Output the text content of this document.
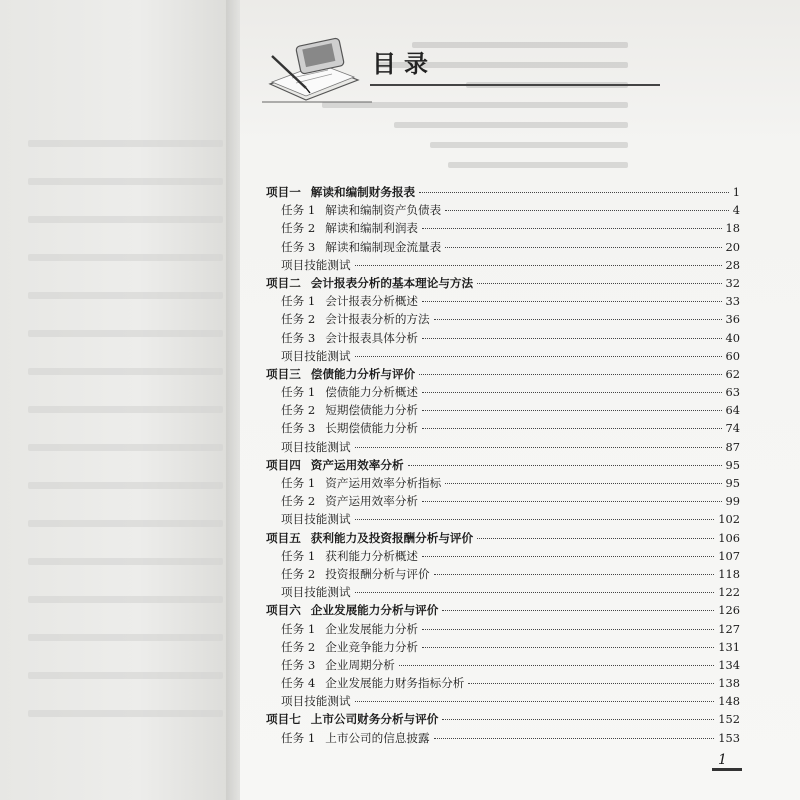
目录
项目一 解读和编制财务报表	1
任务 1 解读和编制资产负债表	4
任务 2 解读和编制利润表	18
任务 3 解读和编制现金流量表	20
项目技能测试	28
项目二 会计报表分析的基本理论与方法	32
任务 1 会计报表分析概述	33
任务 2 会计报表分析的方法	36
任务 3 会计报表具体分析	40
项目技能测试	60
项目三 偿债能力分析与评价	62
任务 1 偿债能力分析概述	63
任务 2 短期偿债能力分析	64
任务 3 长期偿债能力分析	74
项目技能测试	87
项目四 资产运用效率分析	95
任务 1 资产运用效率分析指标	95
任务 2 资产运用效率分析	99
项目技能测试	102
项目五 获利能力及投资报酬分析与评价	106
任务 1 获利能力分析概述	107
任务 2 投资报酬分析与评价	118
项目技能测试	122
项目六 企业发展能力分析与评价	126
任务 1 企业发展能力分析	127
任务 2 企业竞争能力分析	131
任务 3 企业周期分析	134
任务 4 企业发展能力财务指标分析	138
项目技能测试	148
项目七 上市公司财务分析与评价	152
任务 1 上市公司的信息披露	153
1
